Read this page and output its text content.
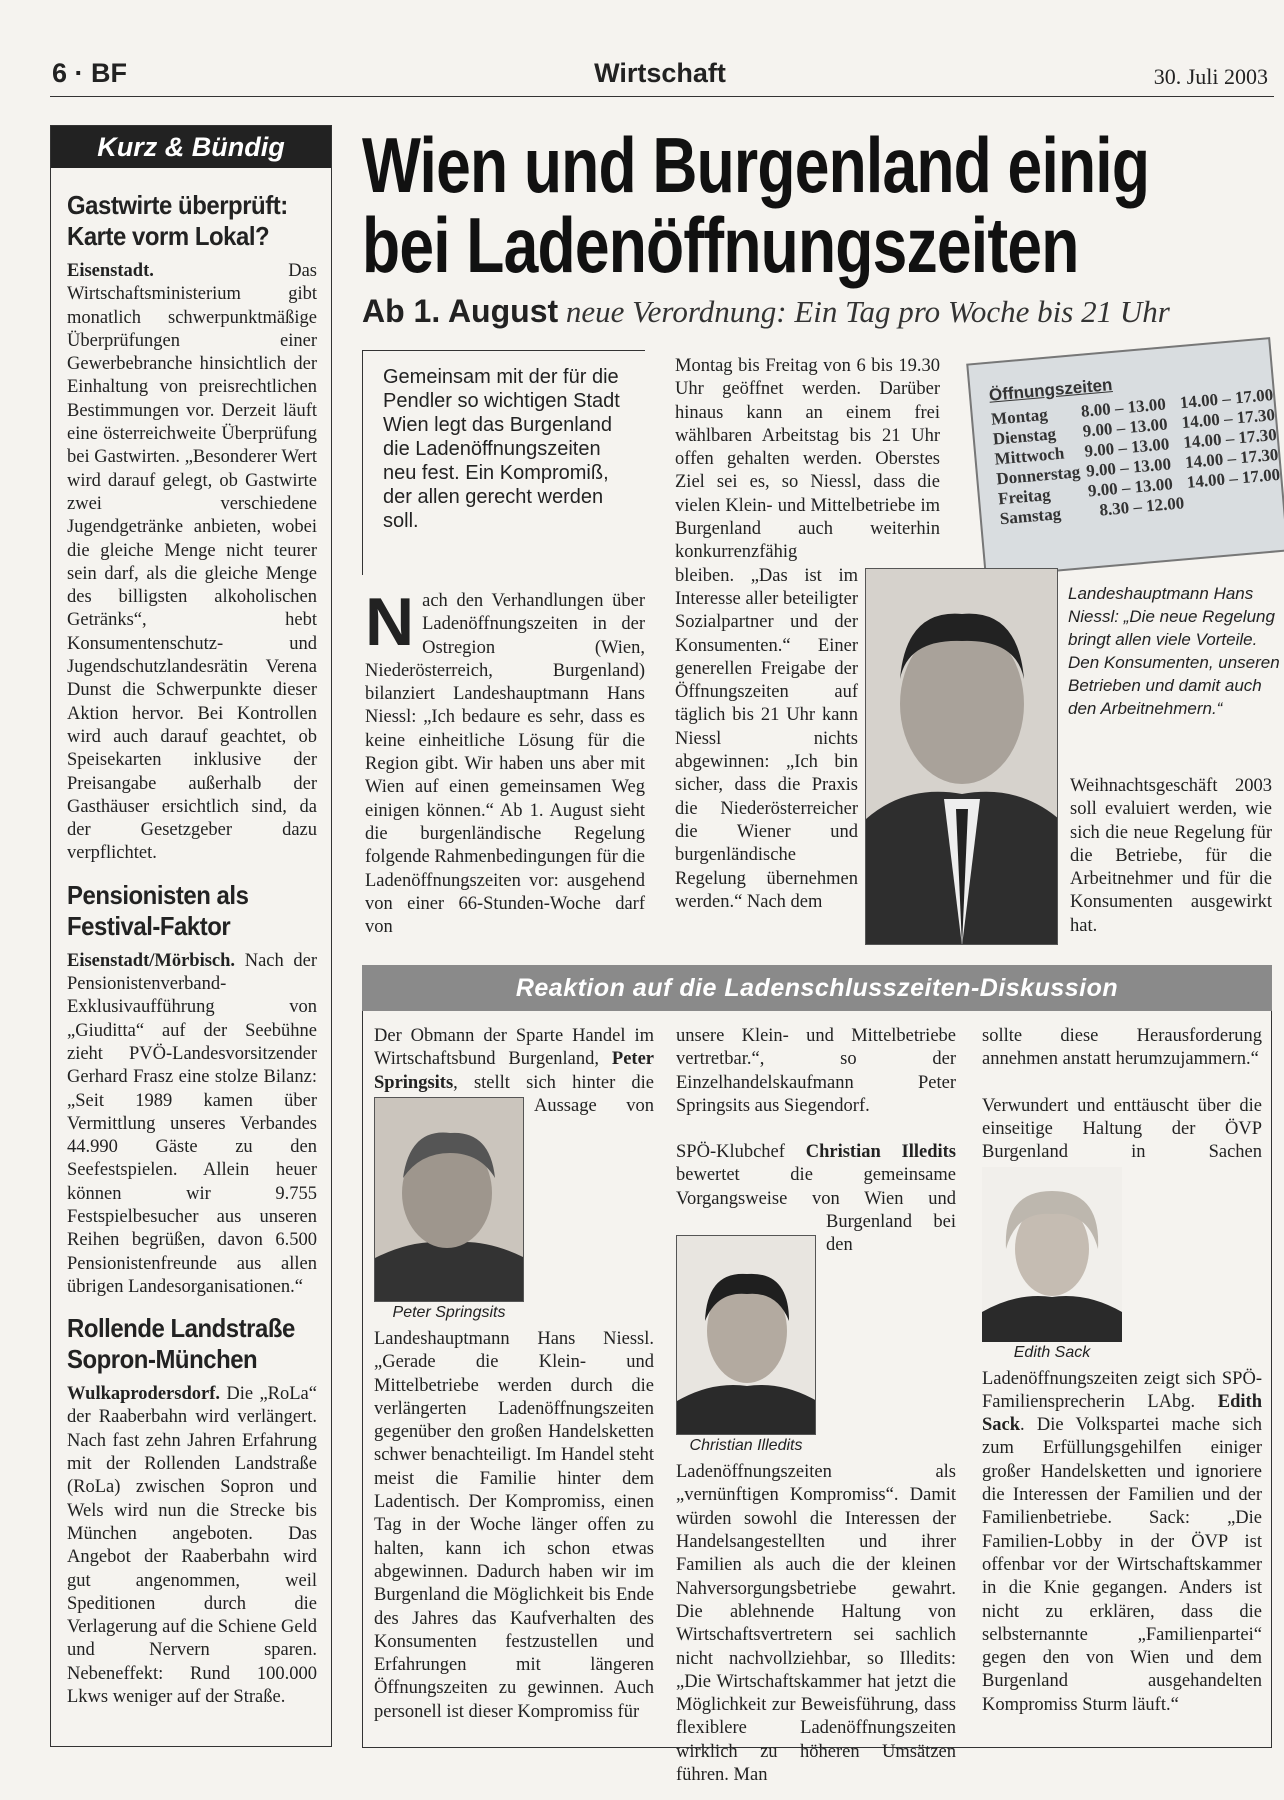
6 · BF	Wirtschaft	30. Juli 2003
Kurz & Bündig
Gastwirte überprüft: Karte vorm Lokal?

Eisenstadt. Das Wirtschaftsministerium gibt monatlich schwerpunktmäßige Überprüfungen einer Gewerbebranche hinsichtlich der Einhaltung von preisrechtlichen Bestimmungen vor. Derzeit läuft eine österreichweite Überprüfung bei Gastwirten. „Besonderer Wert wird darauf gelegt, ob Gastwirte zwei verschiedene Jugendgetränke anbieten, wobei die gleiche Menge nicht teurer sein darf, als die gleiche Menge des billigsten alkoholischen Getränks“, hebt Konsumentenschutz- und Jugendschutzlandesrätin Verena Dunst die Schwerpunkte dieser Aktion hervor. Bei Kontrollen wird auch darauf geachtet, ob Speisekarten inklusive der Preisangabe außerhalb der Gasthäuser ersichtlich sind, da der Gesetzgeber dazu verpflichtet.

Pensionisten als Festival-Faktor

Eisenstadt/Mörbisch. Nach der Pensionistenverband-Exklusivaufführung von „Giuditta“ auf der Seebühne zieht PVÖ-Landesvorsitzender Gerhard Frasz eine stolze Bilanz: „Seit 1989 kamen über Vermittlung unseres Verbandes 44.990 Gäste zu den Seefestspielen. Allein heuer können wir 9.755 Festspielbesucher aus unseren Reihen begrüßen, davon 6.500 Pensionistenfreunde aus allen übrigen Landesorganisationen.“

Rollende Landstraße Sopron-München

Wulkaprodersdorf. Die „RoLa“ der Raaberbahn wird verlängert. Nach fast zehn Jahren Erfahrung mit der Rollenden Landstraße (RoLa) zwischen Sopron und Wels wird nun die Strecke bis München angeboten. Das Angebot der Raaberbahn wird gut angenommen, weil Speditionen durch die Verlagerung auf die Schiene Geld und Nervern sparen. Nebeneffekt: Rund 100.000 Lkws weniger auf der Straße.

Wien und Burgenland einig
bei Ladenöffnungszeiten
Ab 1. August neue Verordnung: Ein Tag pro Woche bis 21 Uhr
Gemeinsam mit der für die Pendler so wichtigen Stadt Wien legt das Burgenland die Ladenöffnungszeiten neu fest. Ein Kompromiß, der allen gerecht werden soll.
Nach den Verhandlungen über Ladenöffnungszeiten in der Ostregion (Wien, Niederösterreich, Burgenland) bilanziert Landeshauptmann Hans Niessl: „Ich bedaure es sehr, dass es keine einheitliche Lösung für die Region gibt. Wir haben uns aber mit Wien auf einen gemeinsamen Weg einigen können.“ Ab 1. August sieht die burgenländische Regelung folgende Rahmenbedingungen für die Ladenöffnungszeiten vor: ausgehend von einer 66-Stunden-Woche darf von
Montag bis Freitag von 6 bis 19.30 Uhr geöffnet werden. Darüber hinaus kann an einem frei wählbaren Arbeitstag bis 21 Uhr offen gehalten werden. Oberstes Ziel sei es, so Niessl, dass die vielen Klein- und Mittelbetriebe im Burgenland auch weiterhin konkurrenzfähig bleiben. „Das ist im Interesse aller beteiligter Sozialpartner und der Konsumenten.“ Einer generellen Freigabe der Öffnungszeiten auf täglich bis 21 Uhr kann Niessl nichts abgewinnen: „Ich bin sicher, dass die Praxis die Niederösterreicher die Wiener und burgenländische Regelung übernehmen werden.“ Nach dem
Öffnungszeiten
Montag	8.00 – 13.00 14.00 – 17.00
Dienstag	9.00 – 13.00 14.00 – 17.30
Mittwoch	9.00 – 13.00 14.00 – 17.30
Donnerstag 9.00 – 13.00 14.00 – 17.30
Freitag	9.00 – 13.00 14.00 – 17.00
Samstag	8.30 – 12.00
Landeshauptmann Hans Niessl: „Die neue Regelung bringt allen viele Vorteile. Den Konsumenten, unseren Betrieben und damit auch den Arbeitnehmern.“
Weihnachtsgeschäft 2003 soll evaluiert werden, wie sich die neue Regelung für die Betriebe, für die Arbeitnehmer und für die Konsumenten ausgewirkt hat.
Reaktion auf die Ladenschlusszeiten-Diskussion
Peter Springsits

Der Obmann der Sparte Handel im Wirtschaftsbund Burgenland, Peter Springsits, stellt sich hinter die Aussage von Landeshauptmann Hans Niessl. „Gerade die Klein- und Mittelbetriebe werden durch die verlängerten Ladenöffnungszeiten gegenüber den großen Handelsketten schwer benachteiligt. Im Handel steht meist die Familie hinter dem Ladentisch. Der Kompromiss, einen Tag in der Woche länger offen zu halten, kann ich schon etwas abgewinnen. Dadurch haben wir im Burgenland die Möglichkeit bis Ende des Jahres das Kaufverhalten des Konsumenten festzustellen und Erfahrungen mit längeren Öffnungszeiten zu gewinnen. Auch personell ist dieser Kompromiss für

unsere Klein- und Mittelbetriebe vertretbar.“, so der Einzelhandelskaufmann Peter Springsits aus Siegendorf.

Christian Illedits

SPÖ-Klubchef Christian Illedits bewertet die gemeinsame Vorgangsweise von Wien und Burgenland bei den Ladenöffnungszeiten als „vernünftigen Kompromiss“. Damit würden sowohl die Interessen der Handelsangestellten und ihrer Familien als auch die der kleinen Nahversorgungsbetriebe gewahrt. Die ablehnende Haltung von Wirtschaftsvertretern sei sachlich nicht nachvollziehbar, so Illedits: „Die Wirtschaftskammer hat jetzt die Möglichkeit zur Beweisführung, dass flexiblere Ladenöffnungszeiten wirklich zu höheren Umsätzen führen. Man

sollte diese Herausforderung annehmen anstatt herumzujammern.“

Edith Sack

Verwundert und enttäuscht über die einseitige Haltung der ÖVP Burgenland in Sachen Ladenöffnungszeiten zeigt sich SPÖ-Familiensprecherin LAbg. Edith Sack. Die Volkspartei mache sich zum Erfüllungsgehilfen einiger großer Handelsketten und ignoriere die Interessen der Familien und der Familienbetriebe. Sack: „Die Familien-Lobby in der ÖVP ist offenbar vor der Wirtschaftskammer in die Knie gegangen. Anders ist nicht zu erklären, dass die selbsternannte „Familienpartei“ gegen den von Wien und dem Burgenland ausgehandelten Kompromiss Sturm läuft.“
